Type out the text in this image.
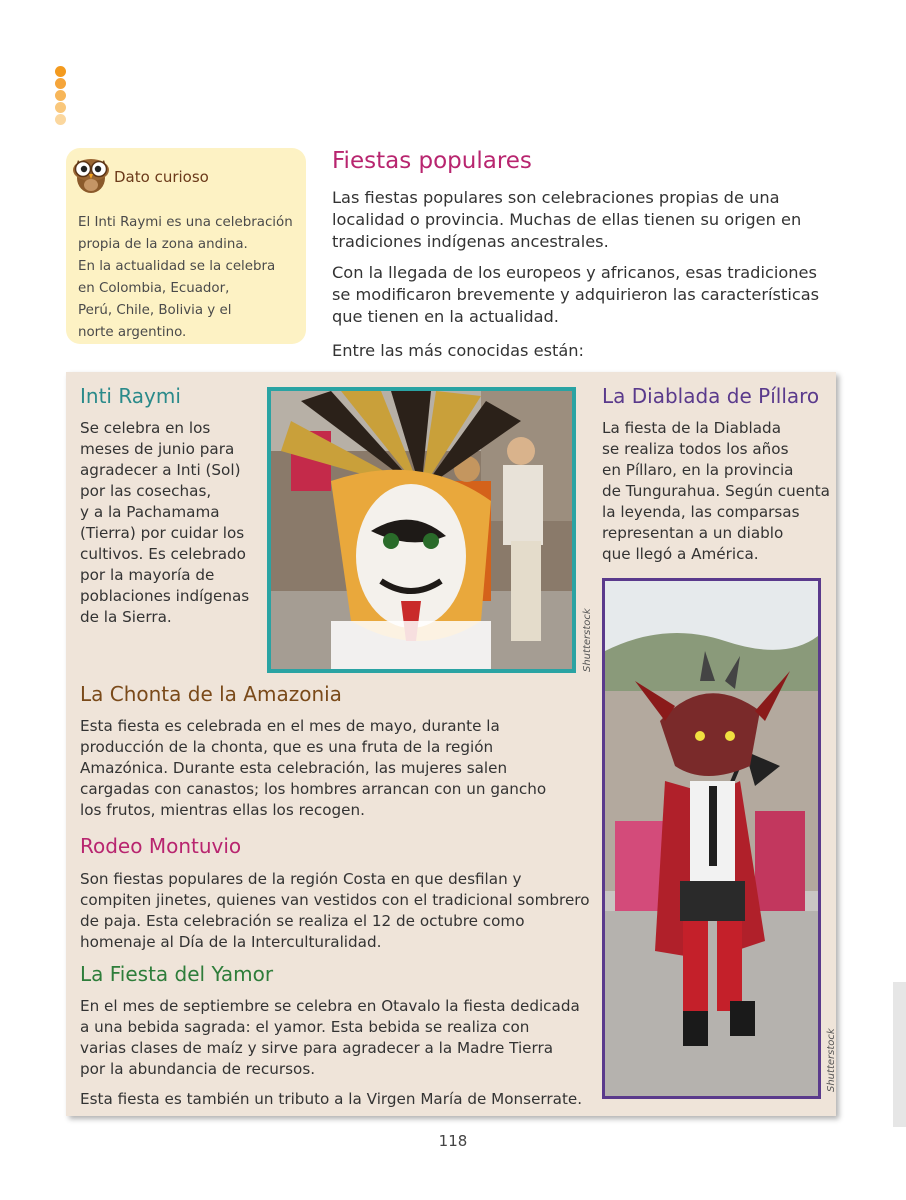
Dato curioso
El Inti Raymi es una celebración
propia de la zona andina.
En la actualidad se la celebra
en Colombia, Ecuador,
Perú, Chile, Bolivia y el
norte argentino.
Fiestas populares
Las fiestas populares son celebraciones propias de una
localidad o provincia. Muchas de ellas tienen su origen en
tradiciones indígenas ancestrales.
Con la llegada de los europeos y africanos, esas tradiciones
se modificaron brevemente y adquirieron las características
que tienen en la actualidad.
Entre las más conocidas están:
Inti Raymi
Se celebra en los
meses de junio para
agradecer a Inti (Sol)
por las cosechas,
y a la Pachamama
(Tierra) por cuidar los
cultivos. Es celebrado
por la mayoría de
poblaciones indígenas
de la Sierra.	Shutterstock
La Diablada de Píllaro
La fiesta de la Diablada
se realiza todos los años
en Píllaro, en la provincia
de Tungurahua. Según cuenta
la leyenda, las comparsas
representan a un diablo
que llegó a América.
Shutterstock
La Chonta de la Amazonia
Esta fiesta es celebrada en el mes de mayo, durante la
producción de la chonta, que es una fruta de la región
Amazónica. Durante esta celebración, las mujeres salen
cargadas con canastos; los hombres arrancan con un gancho
los frutos, mientras ellas los recogen.
Rodeo Montuvio
Son fiestas populares de la región Costa en que desfilan y
compiten jinetes, quienes van vestidos con el tradicional sombrero
de paja. Esta celebración se realiza el 12 de octubre como
homenaje al Día de la Interculturalidad.
La Fiesta del Yamor
En el mes de septiembre se celebra en Otavalo la fiesta dedicada
a una bebida sagrada: el yamor. Esta bebida se realiza con
varias clases de maíz y sirve para agradecer a la Madre Tierra
por la abundancia de recursos.
Esta fiesta es también un tributo a la Virgen María de Monserrate.
118
